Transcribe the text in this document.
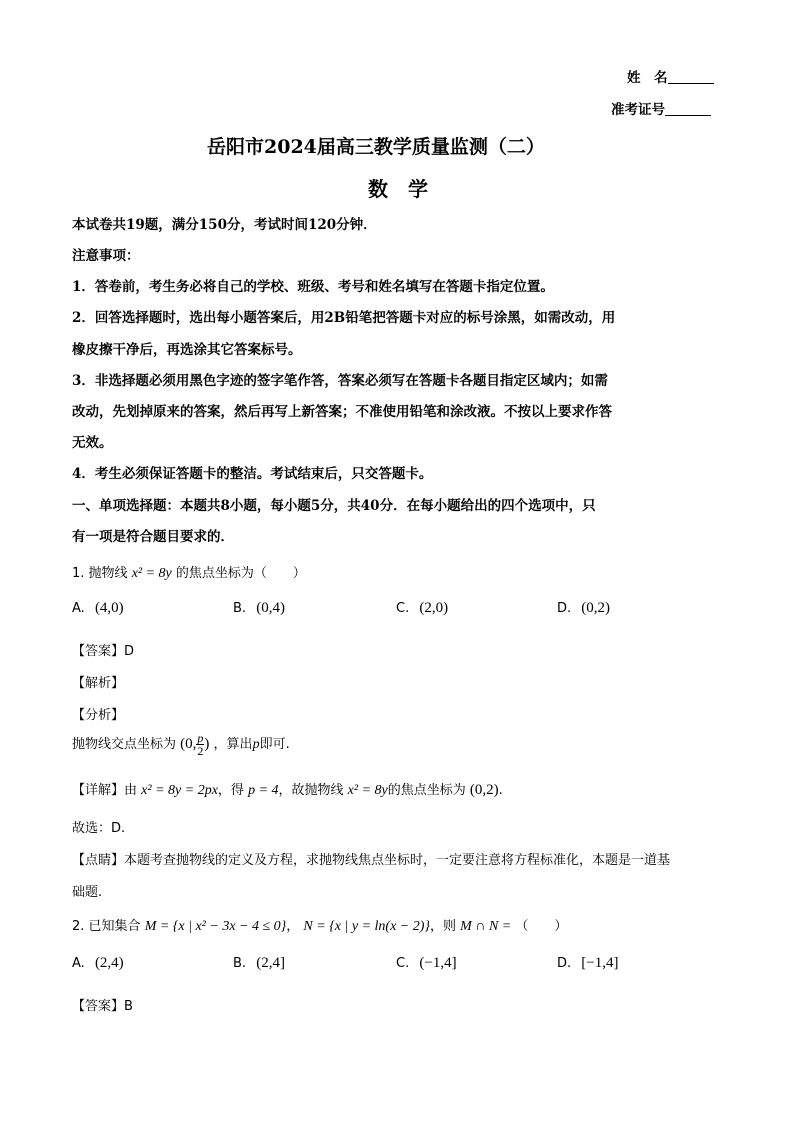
姓　名
准考证号
岳阳市2024届高三教学质量监测（二）
数　学
本试卷共19题，满分150分，考试时间120分钟．
注意事项：
1．答卷前，考生务必将自己的学校、班级、考号和姓名填写在答题卡指定位置。
2．回答选择题时，选出每小题答案后，用2B铅笔把答题卡对应的标号涂黑，如需改动，用
橡皮擦干净后，再选涂其它答案标号。
3．非选择题必须用黑色字迹的签字笔作答，答案必须写在答题卡各题目指定区域内；如需
改动，先划掉原来的答案，然后再写上新答案；不准使用铅笔和涂改液。不按以上要求作答
无效。
4．考生必须保证答题卡的整洁。考试结束后，只交答题卡。
一、单项选择题：本题共8小题，每小题5分，共40分．在每小题给出的四个选项中，只
有一项是符合题目要求的．
1. 抛物线 x² = 8y 的焦点坐标为（　　）
A. (4,0)	B. (0,4)	C. (2,0)	D. (0,2)
【答案】D
【解析】
【分析】
抛物线交点坐标为 (0, $\frac{p}{2}$ ) ，算出p即可.
【详解】由 x² = 8y = 2px，得 p = 4，故抛物线 x² = 8y的焦点坐标为 (0,2).
故选：D.
【点睛】本题考查抛物线的定义及方程，求抛物线焦点坐标时，一定要注意将方程标准化，本题是一道基
础题.
2. 已知集合 M = {x | x² − 3x − 4 ≤ 0}， N = {x | y = ln(x − 2)}，则 M ∩ N = （　　）
A. (2,4)	B. (2,4]	C. (−1,4]	D. [−1,4]
【答案】B
